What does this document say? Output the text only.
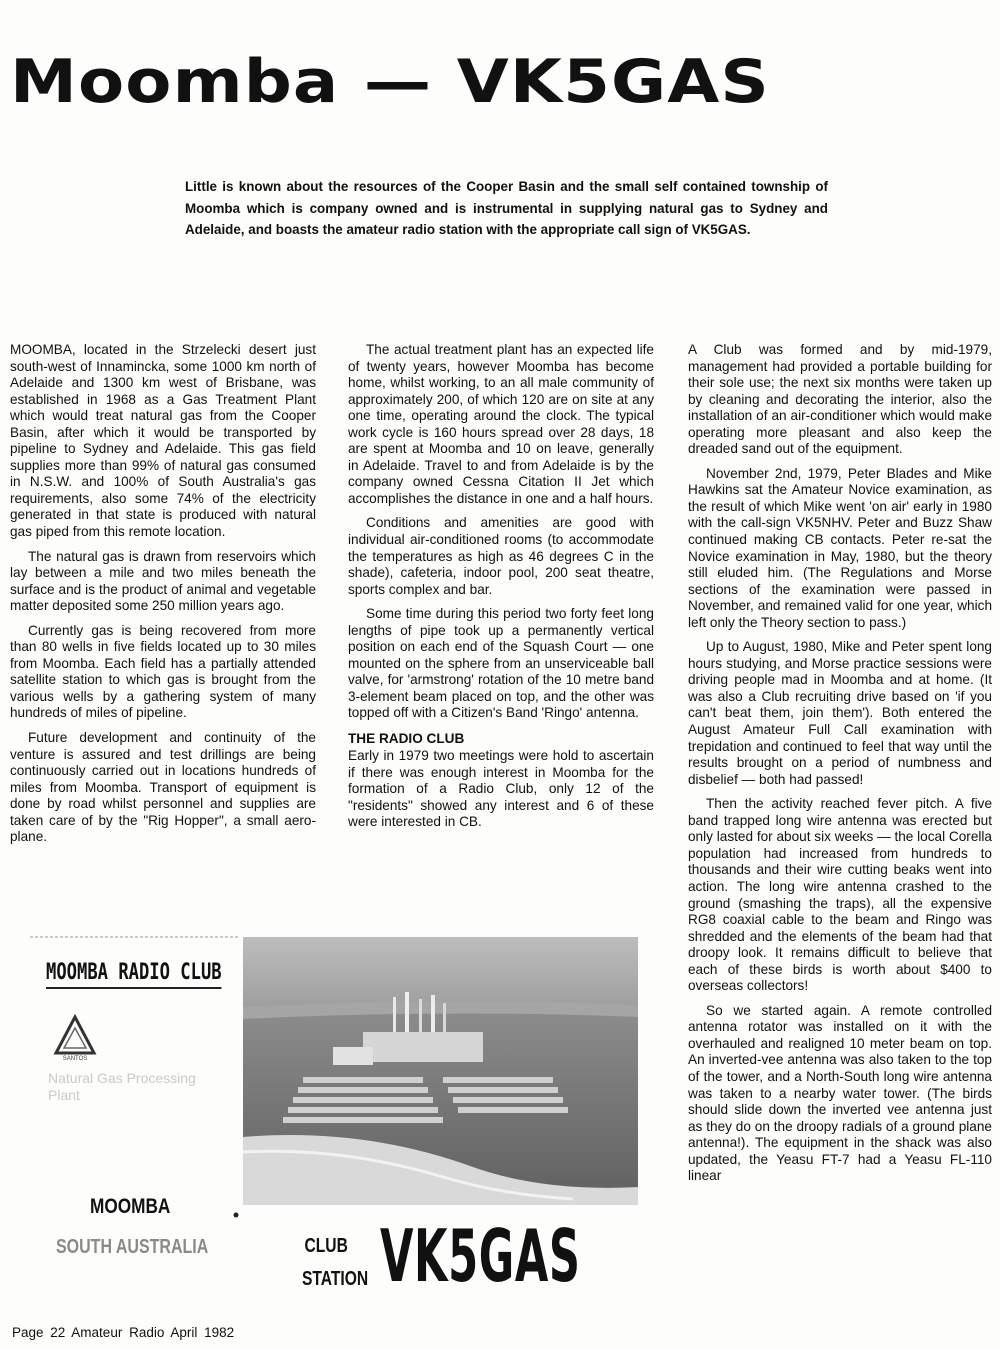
Moomba — VK5GAS

Little is known about the resources of the Cooper Basin and the small self contained township of Moomba which is company owned and is instrumental in supplying natural gas to Sydney and Adelaide, and boasts the amateur radio station with the appropriate call sign of VK5GAS.

MOOMBA, located in the Strzelecki desert just south-west of Innamincka, some 1000 km north of Adelaide and 1300 km west of Brisbane, was established in 1968 as a Gas Treatment Plant which would treat natural gas from the Cooper Basin, after which it would be transported by pipeline to Sydney and Adelaide. This gas field supplies more than 99% of natural gas consumed in N.S.W. and 100% of South Australia's gas requirements, also some 74% of the electricity generated in that state is produced with natural gas piped from this remote location.

The natural gas is drawn from reservoirs which lay between a mile and two miles beneath the surface and is the product of animal and vegetable matter deposited some 250 million years ago.

Currently gas is being recovered from more than 80 wells in five fields located up to 30 miles from Moomba. Each field has a partially attended satellite station to which gas is brought from the various wells by a gathering system of many hundreds of miles of pipeline.

Future development and continuity of the venture is assured and test drillings are being continuously carried out in locations hundreds of miles from Moomba. Transport of equipment is done by road whilst personnel and supplies are taken care of by the "Rig Hopper", a small aero-plane.

The actual treatment plant has an expected life of twenty years, however Moomba has become home, whilst working, to an all male community of approximately 200, of which 120 are on site at any one time, operating around the clock. The typical work cycle is 160 hours spread over 28 days, 18 are spent at Moomba and 10 on leave, generally in Adelaide. Travel to and from Adelaide is by the company owned Cessna Citation II Jet which accomplishes the distance in one and a half hours.

Conditions and amenities are good with individual air-conditioned rooms (to accommodate the temperatures as high as 46 degrees C in the shade), cafeteria, indoor pool, 200 seat theatre, sports complex and bar.

Some time during this period two forty feet long lengths of pipe took up a permanently vertical position on each end of the Squash Court — one mounted on the sphere from an unserviceable ball valve, for 'armstrong' rotation of the 10 metre band 3-element beam placed on top, and the other was topped off with a Citizen's Band 'Ringo' antenna.

THE RADIO CLUB

Early in 1979 two meetings were hold to ascertain if there was enough interest in Moomba for the formation of a Radio Club, only 12 of the "residents" showed any interest and 6 of these were interested in CB.

A Club was formed and by mid-1979, management had provided a portable building for their sole use; the next six months were taken up by cleaning and decorating the interior, also the installation of an air-conditioner which would make operating more pleasant and also keep the dreaded sand out of the equipment.

November 2nd, 1979, Peter Blades and Mike Hawkins sat the Amateur Novice examination, as the result of which Mike went 'on air' early in 1980 with the call-sign VK5NHV. Peter and Buzz Shaw continued making CB contacts. Peter re-sat the Novice examination in May, 1980, but the theory still eluded him. (The Regulations and Morse sections of the examination were passed in November, and remained valid for one year, which left only the Theory section to pass.)

Up to August, 1980, Mike and Peter spent long hours studying, and Morse practice sessions were driving people mad in Moomba and at home. (It was also a Club recruiting drive based on 'if you can't beat them, join them'). Both entered the August Amateur Full Call examination with trepidation and continued to feel that way until the results brought on a period of numbness and disbelief — both had passed!

Then the activity reached fever pitch. A five band trapped long wire antenna was erected but only lasted for about six weeks — the local Corella population had increased from hundreds to thousands and their wire cutting beaks went into action. The long wire antenna crashed to the ground (smashing the traps), all the expensive RG8 coaxial cable to the beam and Ringo was shredded and the elements of the beam had that droopy look. It remains difficult to believe that each of these birds is worth about $400 to overseas collectors!

So we started again. A remote controlled antenna rotator was installed on it with the overhauled and realigned 10 meter beam on top. An inverted-vee antenna was also taken to the top of the tower, and a North-South long wire antenna was taken to a nearby water tower. (The birds should slide down the inverted vee antenna just as they do on the droopy radials of a ground plane antenna!). The equipment in the shack was also updated, the Yeasu FT-7 had a Yeasu FL-110 linear

SANTOS

MOOMBA RADIO CLUB

Natural Gas Processing Plant

MOOMBA

SOUTH AUSTRALIA	CLUB STATION VK5GAS

Page 22 Amateur Radio April 1982
